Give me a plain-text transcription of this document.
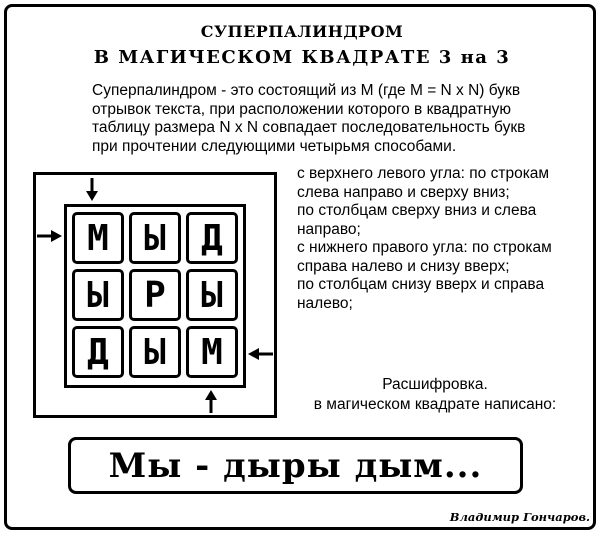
СУПЕРПАЛИНДРОМ
В МАГИЧЕСКОМ КВАДРАТЕ 3 на 3
Суперпалиндром - это состоящий из M (где M = N x N) букв
отрывок текста, при расположении которого в квадратную
таблицу размера N x N совпадает последовательность букв
при прочтении следующими четырьмя способами.
М Ы Д
Ы Р Ы
Д Ы М
с верхнего левого угла: по строкам
слева направо и сверху вниз;
по столбцам сверху вниз и слева
направо;
с нижнего правого угла: по строкам
справа налево и снизу вверх;
по столбцам снизу вверх и справа
налево;
Расшифровка.
в магическом квадрате написано:
Мы - дыры дым...
Владимир Гончаров.
